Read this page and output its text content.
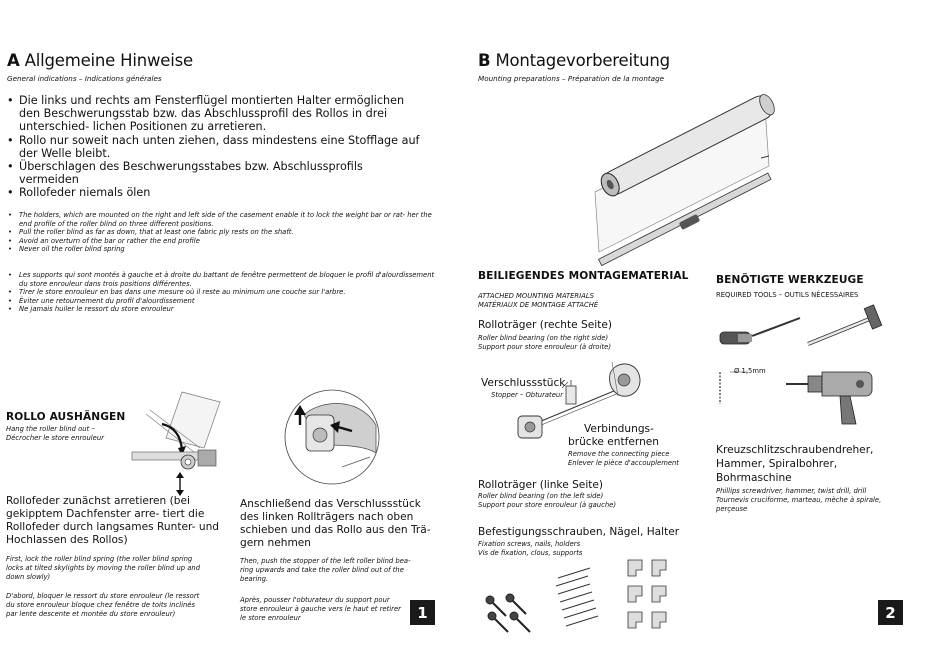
A Allgemeine Hinweise
General indications – Indications générales
• Die links und rechts am Fensterflügel montierten Halter ermöglichen den Beschwerungsstab bzw. das Abschlussprofil des Rollos in drei unterschied- lichen Positionen zu arretieren.
• Rollo nur soweit nach unten ziehen, dass mindestens eine Stofflage auf der Welle bleibt.
• Überschlagen des Beschwerungsstabes bzw. Abschlussprofils vermeiden
• Rollofeder niemals ölen
• The holders, which are mounted on the right and left side of the casement enable it to lock the weight bar or rat- her the end profile of the roller blind on three different positions.
• Pull the roller blind as far as down, that at least one fabric ply rests on the shaft.
• Avoid an overturn of the bar or rather the end profile
• Never oil the roller blind spring
• Les supports qui sont montés à gauche et à droite du battant de fenêtre permettent de bloquer le profil d'alourdissement du store enrouleur dans trois positions différentes.
• Tirer le store enrouleur en bas dans une mesure où il reste au minimum une couche sur l'arbre.
• Éviter une retournement du profil d'alourdissement
• Ne jamais huiler le ressort du store enrouleur
ROLLO AUSHÄNGEN
Hang the roller blind out –
Décrocher le store enrouleur
Rollofeder zunächst arretieren (bei gekipptem Dachfenster arre- tiert die Rollofeder durch langsames Runter- und Hochlassen des Rollos)
First, lock the roller blind spring (the roller blind spring locks at tilted skylights by moving the roller blind up and down slowly)
D'abord, bloquer le ressort du store enrouleur (le ressort du store enrouleur bloque chez fenêtre de toits inclinés par lente descente et montée du store enrouleur)
Anschließend das Verschlussstück des linken Rollträgers nach oben schieben und das Rollo aus den Trä- gern nehmen
Then, push the stopper of the left roller blind bea- ring upwards and take the roller blind out of the bearing.
Après, pousser l'obturateur du support pour store enrouleur à gauche vers le haut et retirer le store enrouleur	1
B Montagevorbereitung
Mounting preparations – Préparation de la montage
BEILIEGENDES MONTAGEMATERIAL
ATTACHED MOUNTING MATERIALS
MATÉRIAUX DE MONTAGE ATTACHÉ
Rolloträger (rechte Seite)
Roller blind bearing (on the right side)
Support pour store enrouleur (à droite)
Verschlussstück
Stopper – Obturateur
Verbindungs-
brücke entfernen
Remove the connecting piece
Enlever le pièce d'accouplement
Rolloträger (linke Seite)
Roller blind bearing (on the left side)
Support pour store enrouleur (à gauche)
Befestigungsschrauben, Nägel, Halter
Fixation screws, nails, holders
Vis de fixation, clous, supports
BENÖTIGTE WERKZEUGE
REQUIRED TOOLS – OUTILS NÉCESSAIRES
Ø 1,5mm
Kreuzschlitzschraubendreher,
Hammer, Spiralbohrer,
Bohrmaschine
Phillips screwdriver, hammer, twist drill, drill
Tournevis cruciforme, marteau, mèche à spirale, perçeuse
2
